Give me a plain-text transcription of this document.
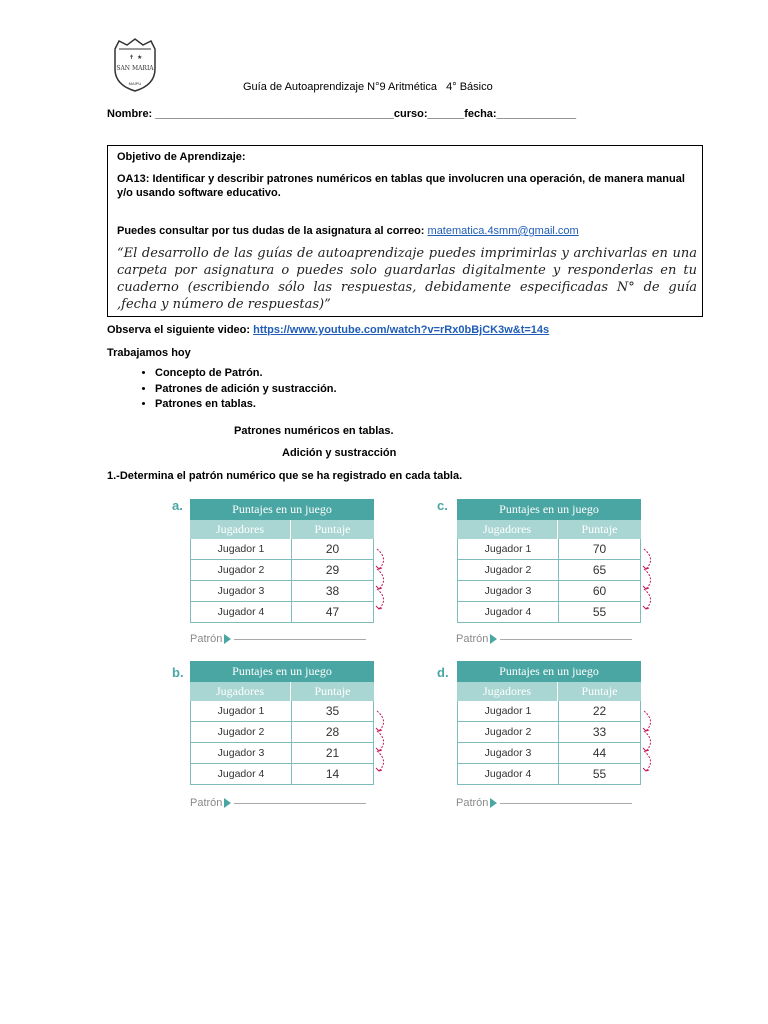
✝ ★
SAN MARIA
MAIPU	Guía de Autoaprendizaje N°9 Aritmética   4° Básico
Nombre: _______________________________________curso:______fecha:_____________
Objetivo de Aprendizaje:
OA13: Identificar y describir patrones numéricos en tablas que involucren una operación, de manera manual y/o usando software educativo.
Puedes consultar por tus dudas de la asignatura al correo: matematica.4smm@gmail.com
“El desarrollo de las guías de autoaprendizaje puedes imprimirlas y archivarlas en una carpeta por asignatura o puedes solo guardarlas digitalmente y responderlas en tu cuaderno (escribiendo sólo las respuestas, debidamente especificadas N° de guía ,fecha y número de respuestas)”
Observa el siguiente video: https://www.youtube.com/watch?v=rRx0bBjCK3w&t=14s
Trabajamos hoy
• Concepto de Patrón.
• Patrones de adición y sustracción.
• Patrones en tablas.
Patrones numéricos en tablas.
Adición y sustracción
1.-Determina el patrón numérico que se ha registrado en cada tabla.
a.	Puntajes en un juego
Jugadores	Puntaje
Jugador 1	20
Jugador 2	29
Jugador 3	38
Jugador 4	47
Patrón
c.	Puntajes en un juego
Jugadores	Puntaje
Jugador 1	70
Jugador 2	65
Jugador 3	60
Jugador 4	55
Patrón
b.	Puntajes en un juego
Jugadores	Puntaje
Jugador 1	35
Jugador 2	28
Jugador 3	21
Jugador 4	14
Patrón
d.	Puntajes en un juego
Jugadores	Puntaje
Jugador 1	22
Jugador 2	33
Jugador 3	44
Jugador 4	55
Patrón
